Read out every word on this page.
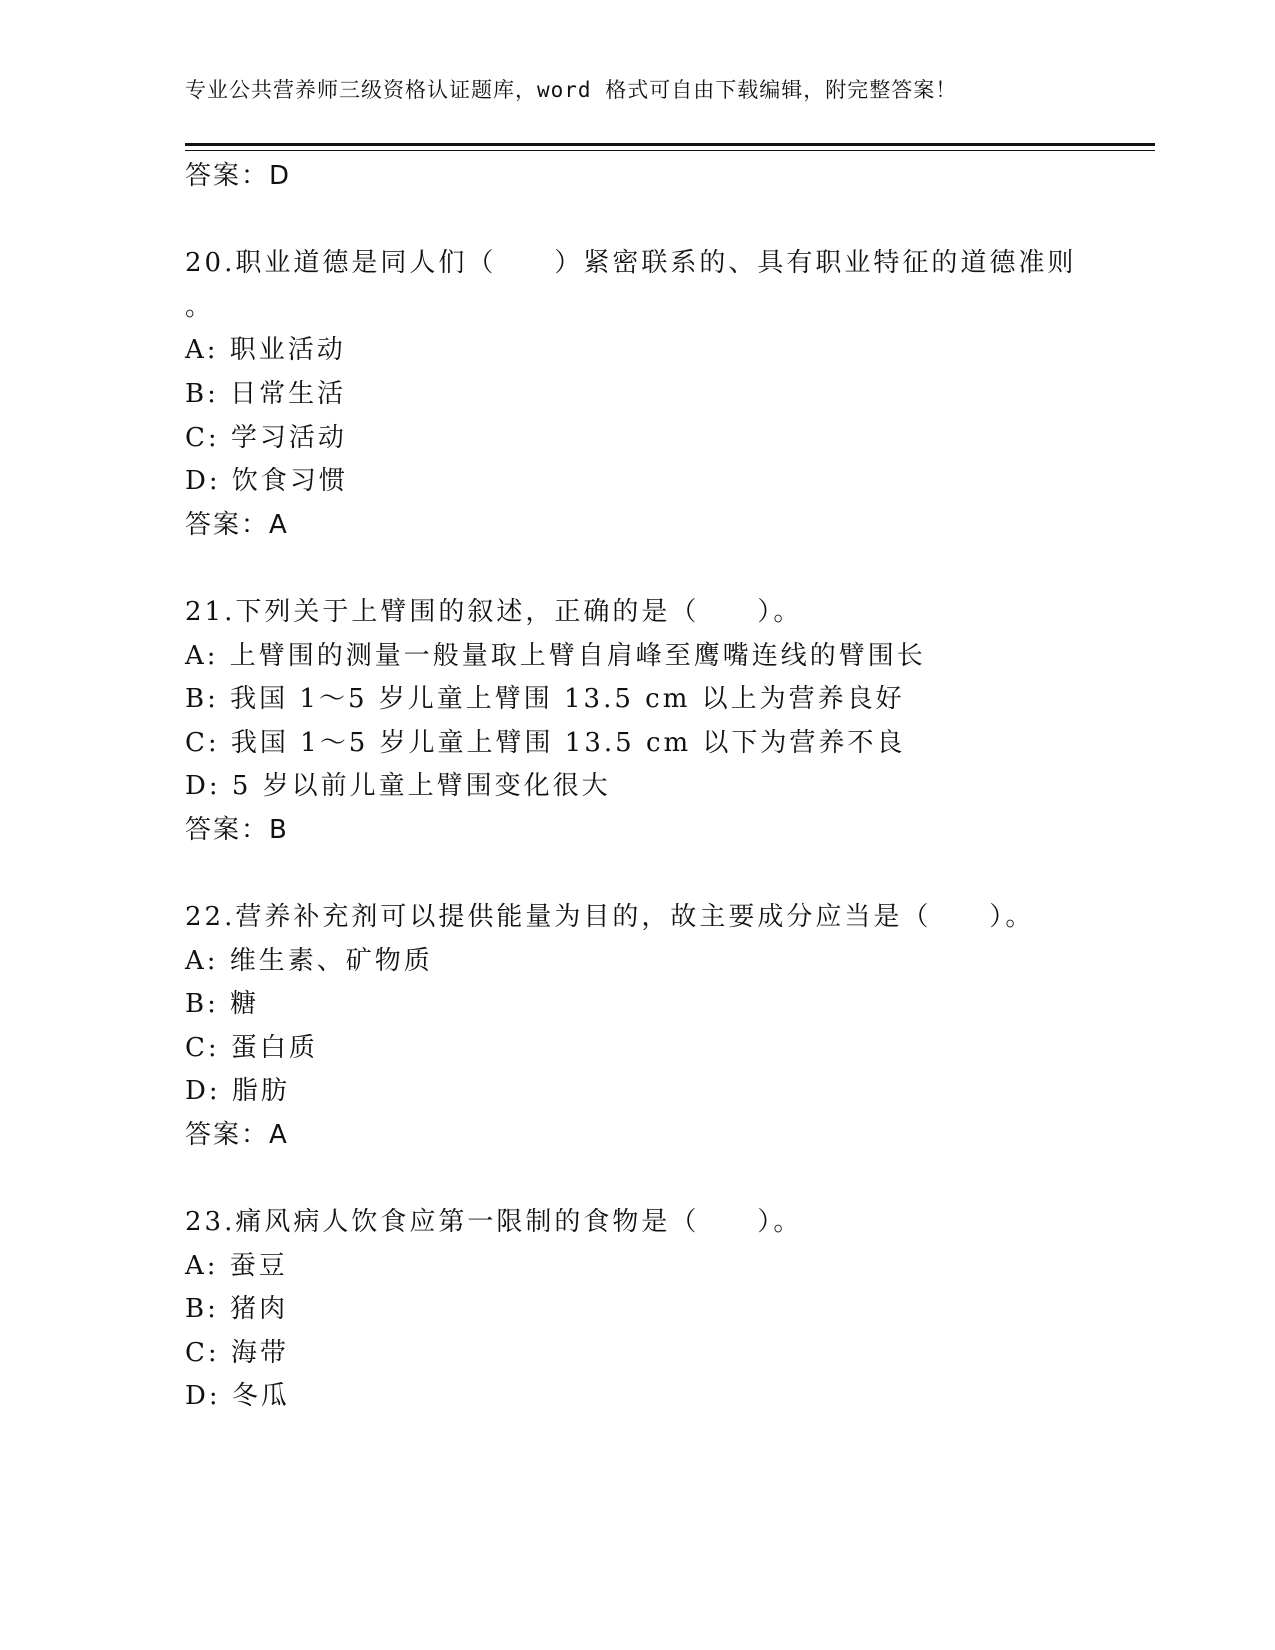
专业公共营养师三级资格认证题库，word 格式可自由下载编辑，附完整答案！
答案：D
20.职业道德是同人们（　　）紧密联系的、具有职业特征的道德准则
。
A: 职业活动
B: 日常生活
C: 学习活动
D: 饮食习惯
答案：A
21.下列关于上臂围的叙述，正确的是（　　）。
A: 上臂围的测量一般量取上臂自肩峰至鹰嘴连线的臂围长
B: 我国 1～5 岁儿童上臂围 13.5 cm 以上为营养良好
C: 我国 1～5 岁儿童上臂围 13.5 cm 以下为营养不良
D: 5 岁以前儿童上臂围变化很大
答案：B
22.营养补充剂可以提供能量为目的，故主要成分应当是（　　）。
A: 维生素、矿物质
B: 糖
C: 蛋白质
D: 脂肪
答案：A
23.痛风病人饮食应第一限制的食物是（　　）。
A: 蚕豆
B: 猪肉
C: 海带
D: 冬瓜
